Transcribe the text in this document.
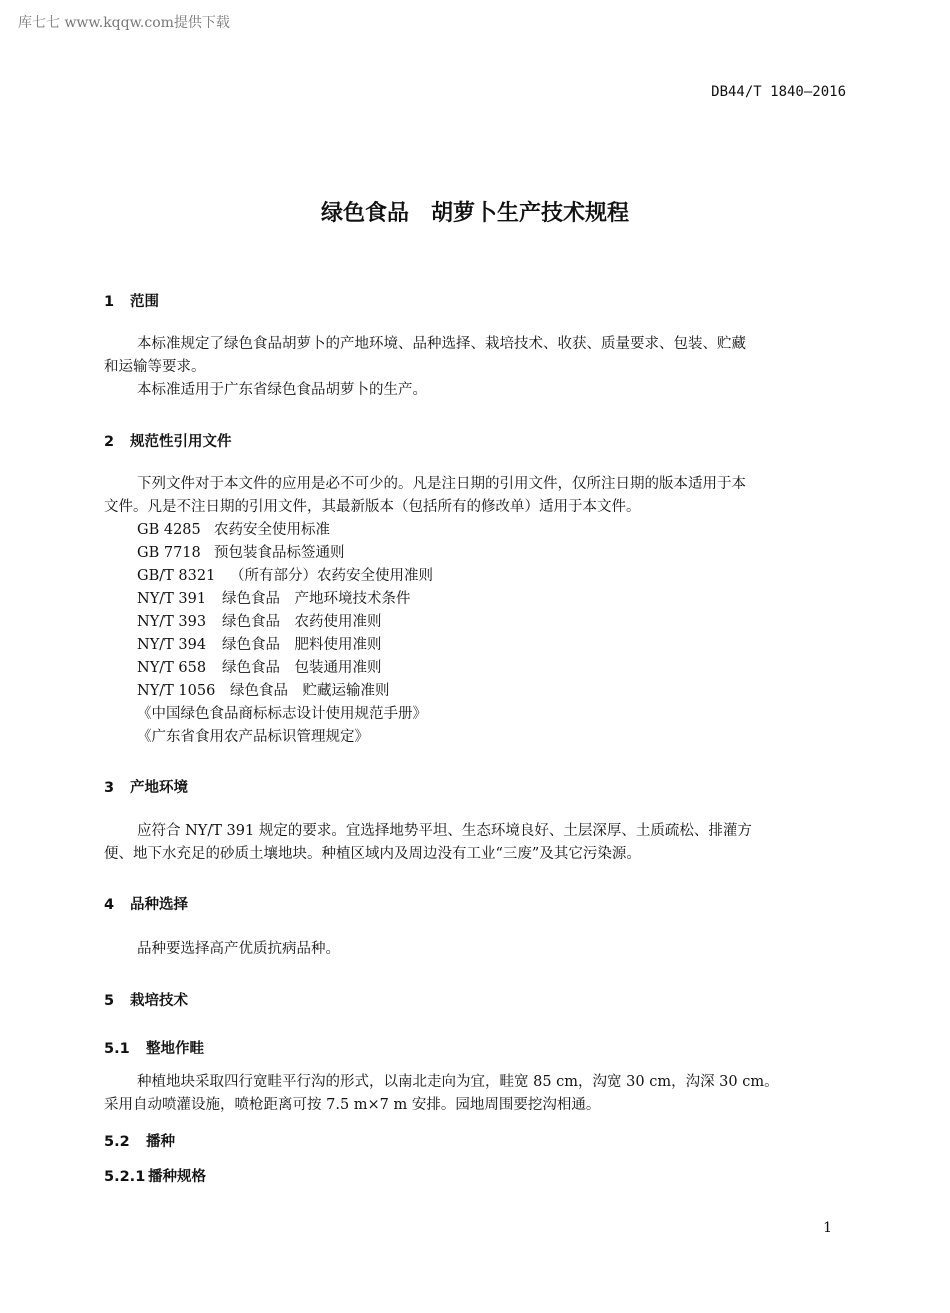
库七七 www.kqqw.com提供下载
DB44/T 1840—2016
绿色食品　胡萝卜生产技术规程
1 范围
本标准规定了绿色食品胡萝卜的产地环境、品种选择、栽培技术、收获、质量要求、包装、贮藏
和运输等要求。
本标准适用于广东省绿色食品胡萝卜的生产。
2 规范性引用文件
下列文件对于本文件的应用是必不可少的。凡是注日期的引用文件，仅所注日期的版本适用于本
文件。凡是不注日期的引用文件，其最新版本（包括所有的修改单）适用于本文件。
GB 4285 农药安全使用标准
GB 7718 预包装食品标签通则
GB/T 8321 （所有部分）农药安全使用准则
NY/T 391 绿色食品　产地环境技术条件
NY/T 393 绿色食品　农药使用准则
NY/T 394 绿色食品　肥料使用准则
NY/T 658 绿色食品　包装通用准则
NY/T 1056 绿色食品　贮藏运输准则
《中国绿色食品商标标志设计使用规范手册》
《广东省食用农产品标识管理规定》
3 产地环境
应符合 NY/T 391 规定的要求。宜选择地势平坦、生态环境良好、土层深厚、土质疏松、排灌方
便、地下水充足的砂质土壤地块。种植区域内及周边没有工业“三废”及其它污染源。
4 品种选择
品种要选择高产优质抗病品种。
5 栽培技术
5.1 整地作畦
种植地块采取四行宽畦平行沟的形式，以南北走向为宜，畦宽 85 cm，沟宽 30 cm，沟深 30 cm。
采用自动喷灌设施，喷枪距离可按 7.5 m×7 m 安排。园地周围要挖沟相通。
5.2 播种
5.2.1 播种规格
1
